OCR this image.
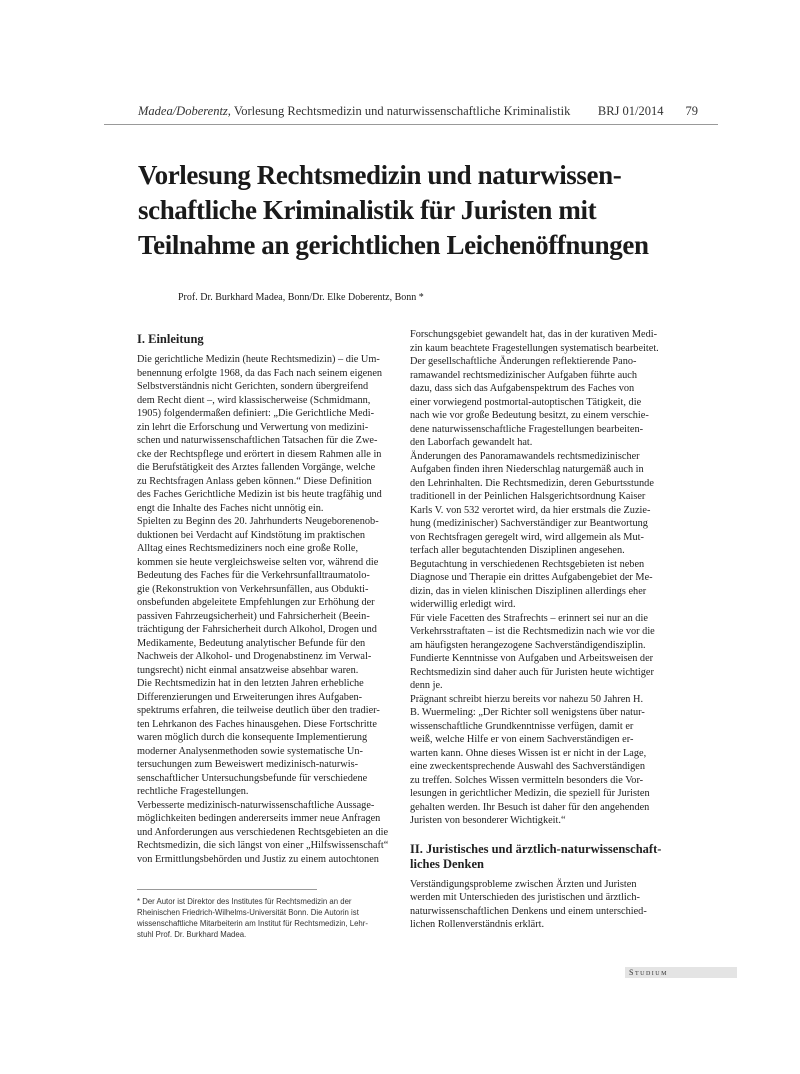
Madea/Doberentz, Vorlesung Rechtsmedizin und naturwissenschaftliche Kriminalistik BRJ 01/2014 79
Vorlesung Rechtsmedizin und naturwissen-
schaftliche Kriminalistik für Juristen mit
Teilnahme an gerichtlichen Leichenöffnungen
Prof. Dr. Burkhard Madea, Bonn/Dr. Elke Doberentz, Bonn *
I. Einleitung

Die gerichtliche Medizin (heute Rechtsmedizin) – die Um-
benennung erfolgte 1968, da das Fach nach seinem eigenen
Selbstverständnis nicht Gerichten, sondern übergreifend
dem Recht dient –, wird klassischerweise (Schmidmann,
1905) folgendermaßen definiert: „Die Gerichtliche Medi-
zin lehrt die Erforschung und Verwertung von medizini-
schen und naturwissenschaftlichen Tatsachen für die Zwe-
cke der Rechtspflege und erörtert in diesem Rahmen alle in
die Berufstätigkeit des Arztes fallenden Vorgänge, welche
zu Rechtsfragen Anlass geben können.“ Diese Definition
des Faches Gerichtliche Medizin ist bis heute tragfähig und
engt die Inhalte des Faches nicht unnötig ein.
Spielten zu Beginn des 20. Jahrhunderts Neugeborenenob-
duktionen bei Verdacht auf Kindstötung im praktischen
Alltag eines Rechtsmediziners noch eine große Rolle,
kommen sie heute vergleichsweise selten vor, während die
Bedeutung des Faches für die Verkehrsunfalltraumatolo-
gie (Rekonstruktion von Verkehrsunfällen, aus Obdukti-
onsbefunden abgeleitete Empfehlungen zur Erhöhung der
passiven Fahrzeugsicherheit) und Fahrsicherheit (Beein-
trächtigung der Fahrsicherheit durch Alkohol, Drogen und
Medikamente, Bedeutung analytischer Befunde für den
Nachweis der Alkohol- und Drogenabstinenz im Verwal-
tungsrecht) nicht einmal ansatzweise absehbar waren.
Die Rechtsmedizin hat in den letzten Jahren erhebliche
Differenzierungen und Erweiterungen ihres Aufgaben-
spektrums erfahren, die teilweise deutlich über den tradier-
ten Lehrkanon des Faches hinausgehen. Diese Fortschritte
waren möglich durch die konsequente Implementierung
moderner Analysenmethoden sowie systematische Un-
tersuchungen zum Beweiswert medizinisch-naturwis-
senschaftlicher Untersuchungsbefunde für verschiedene
rechtliche Fragestellungen.
Verbesserte medizinisch-naturwissenschaftliche Aussage-
möglichkeiten bedingen andererseits immer neue Anfragen
und Anforderungen aus verschiedenen Rechtsgebieten an die
Rechtsmedizin, die sich längst von einer „Hilfswissenschaft“
von Ermittlungsbehörden und Justiz zu einem autochtonen

Forschungsgebiet gewandelt hat, das in der kurativen Medi-
zin kaum beachtete Fragestellungen systematisch bearbeitet.
Der gesellschaftliche Änderungen reflektierende Pano-
ramawandel rechtsmedizinischer Aufgaben führte auch
dazu, dass sich das Aufgabenspektrum des Faches von
einer vorwiegend postmortal-autoptischen Tätigkeit, die
nach wie vor große Bedeutung besitzt, zu einem verschie-
dene naturwissenschaftliche Fragestellungen bearbeiten-
den Laborfach gewandelt hat.
Änderungen des Panoramawandels rechtsmedizinischer
Aufgaben finden ihren Niederschlag naturgemäß auch in
den Lehrinhalten. Die Rechtsmedizin, deren Geburtsstunde
traditionell in der Peinlichen Halsgerichtsordnung Kaiser
Karls V. von 532 verortet wird, da hier erstmals die Zuzie-
hung (medizinischer) Sachverständiger zur Beantwortung
von Rechtsfragen geregelt wird, wird allgemein als Mut-
terfach aller begutachtenden Disziplinen angesehen.
Begutachtung in verschiedenen Rechtsgebieten ist neben
Diagnose und Therapie ein drittes Aufgabengebiet der Me-
dizin, das in vielen klinischen Disziplinen allerdings eher
widerwillig erledigt wird.
Für viele Facetten des Strafrechts – erinnert sei nur an die
Verkehrsstraftaten – ist die Rechtsmedizin nach wie vor die
am häufigsten herangezogene Sachverständigendisziplin.
Fundierte Kenntnisse von Aufgaben und Arbeitsweisen der
Rechtsmedizin sind daher auch für Juristen heute wichtiger
denn je.
Prägnant schreibt hierzu bereits vor nahezu 50 Jahren H.
B. Wuermeling: „Der Richter soll wenigstens über natur-
wissenschaftliche Grundkenntnisse verfügen, damit er
weiß, welche Hilfe er von einem Sachverständigen er-
warten kann. Ohne dieses Wissen ist er nicht in der Lage,
eine zweckentsprechende Auswahl des Sachverständigen
zu treffen. Solches Wissen vermitteln besonders die Vor-
lesungen in gerichtlicher Medizin, die speziell für Juristen
gehalten werden. Ihr Besuch ist daher für den angehenden
Juristen von besonderer Wichtigkeit.“

II. Juristisches und ärztlich-naturwissenschaft-
liches Denken

Verständigungsprobleme zwischen Ärzten und Juristen
werden mit Unterschieden des juristischen und ärztlich-
naturwissenschaftlichen Denkens und einem unterschied-
lichen Rollenverständnis erklärt.

* Der Autor ist Direktor des Institutes für Rechtsmedizin an der
Rheinischen Friedrich-Wilhelms-Universität Bonn. Die Autorin ist
wissenschaftliche Mitarbeiterin am Institut für Rechtsmedizin, Lehr-
stuhl Prof. Dr. Burkhard Madea.
Studium
